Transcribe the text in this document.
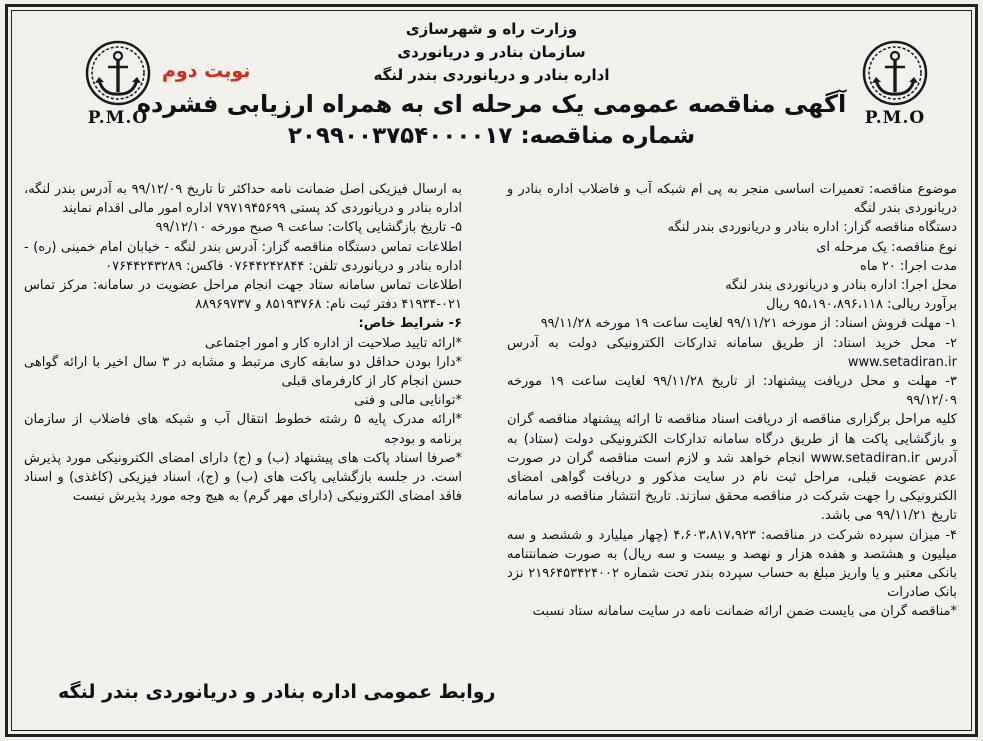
P.M.O	P.M.O
نوبت دوم
وزارت راه و شهرسازی
سازمان بنادر و دریانوردی
اداره بنادر و دریانوردی بندر لنگه
آگهی مناقصه عمومی یک مرحله ای به همراه ارزیابی فشرده
شماره مناقصه: ۲۰۹۹۰۰۳۷۵۴۰۰۰۰۱۷

موضوع مناقصه: تعمیرات اساسی منجر به پی ام شبکه آب و فاضلاب اداره بنادر و دریانوردی بندر لنگه

دستگاه مناقصه گزار: اداره بنادر و دریانوردی بندر لنگه

نوع مناقصه: یک مرحله ای

مدت اجرا: ۲۰ ماه

محل اجرا: اداره بنادر و دریانوردی بندر لنگه

برآورد ریالی: ۹۵،۱۹۰،۸۹۶،۱۱۸ ریال

۱- مهلت فروش اسناد: از مورخه ۹۹/۱۱/۲۱ لغایت ساعت ۱۹ مورخه ۹۹/۱۱/۲۸

۲- محل خرید اسناد: از طریق سامانه تدارکات الکترونیکی دولت به آدرس www.setadiran.ir

۳- مهلت و محل دریافت پیشنهاد: از تاریخ ۹۹/۱۱/۲۸ لغایت ساعت ۱۹ مورخه ۹۹/۱۲/۰۹

کلیه مراحل برگزاری مناقصه از دریافت اسناد مناقصه تا ارائه پیشنهاد مناقصه گران و بازگشایی پاکت ها از طریق درگاه سامانه تدارکات الکترونیکی دولت (ستاد) به آدرس www.setadiran.ir انجام خواهد شد و لازم است مناقصه گران در صورت عدم عضویت قبلی، مراحل ثبت نام در سایت مذکور و دریافت گواهی امضای الکترونیکی را جهت شرکت در مناقصه محقق سازند. تاریخ انتشار مناقصه در سامانه تاریخ ۹۹/۱۱/۲۱ می باشد.

۴- میزان سپرده شرکت در مناقصه: ۴،۶۰۳،۸۱۷،۹۲۳ (چهار میلیارد و ششصد و سه میلیون و هشتصد و هفده هزار و نهصد و بیست و سه ریال) به صورت ضمانتنامه بانکی معتبر و یا واریز مبلغ به حساب سپرده بندر تحت شماره ۲۱۹۶۴۵۳۴۲۴۰۰۲ نزد بانک صادرات

*مناقصه گران می بایست ضمن ارائه ضمانت نامه در سایت سامانه ستاد نسبت

به ارسال فیزیکی اصل ضمانت نامه حداکثر تا تاریخ ۹۹/۱۲/۰۹ به آدرس بندر لنگه، اداره بنادر و دریانوردی کد پستی ۷۹۷۱۹۴۵۶۹۹ اداره امور مالی اقدام نمایند

۵- تاریخ بازگشایی پاکات: ساعت ۹ صبح مورخه ۹۹/۱۲/۱۰

اطلاعات تماس دستگاه مناقصه گزار: آدرس بندر لنگه - خیابان امام خمینی (ره) - اداره بنادر و دریانوردی تلفن: ۰۷۶۴۴۲۴۲۸۴۴ فاکس: ۰۷۶۴۴۲۴۳۲۸۹

اطلاعات تماس سامانه ستاد جهت انجام مراحل عضویت در سامانه: مرکز تماس ۰۲۱-۴۱۹۳۴ دفتر ثبت نام: ۸۵۱۹۳۷۶۸ و ۸۸۹۶۹۷۳۷

۶- شرایط خاص:

*ارائه تایید صلاحیت از اداره کار و امور اجتماعی

*دارا بودن حداقل دو سابقه کاری مرتبط و مشابه در ۳ سال اخیر با ارائه گواهی حسن انجام کار از کارفرمای قبلی

*توانایی مالی و فنی

*ارائه مدرک پایه ۵ رشته خطوط انتقال آب و شبکه های فاضلاب از سازمان برنامه و بودجه

*صرفا اسناد پاکت های پیشنهاد (ب) و (ج) دارای امضای الکترونیکی مورد پذیرش است. در جلسه بازگشایی پاکت های (ب) و (ج)، اسناد فیزیکی (کاغذی) و اسناد فاقد امضای الکترونیکی (دارای مهر گرم) به هیچ وجه مورد پذیرش نیست

روابط عمومی اداره بنادر و دریانوردی بندر لنگه
